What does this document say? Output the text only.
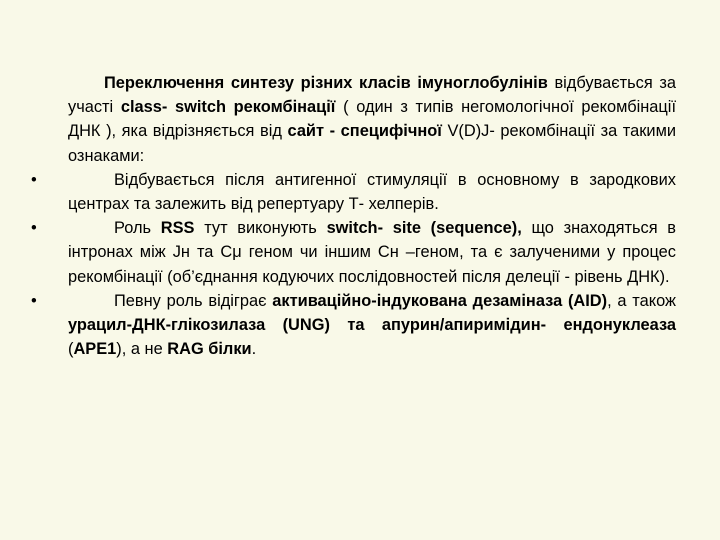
Переключення синтезу різних класів імуноглобулінів відбувається за участі class- switch рекомбінації ( один з типів негомологічної рекомбінації ДНК ), яка відрізняється від сайт - специфічної V(D)J- рекомбінації за такими ознаками:

•	Відбувається після антигенної стимуляції в основному в зародкових центрах та залежить від репертуару Т- хелперів.

•	Роль RSS тут виконують switch- site (sequence), що знаходяться в інтронах між Jн та Cμ геном чи іншим Cн –геном, та є залученими у процес рекомбінації (об’єднання кодуючих послідовностей після делеції - рівень ДНК).

•	Певну роль відіграє активаційно-індукована дезаміназа (AID), а також урацил-ДНК-глікозилаза (UNG) та апурин/апиримідин- ендонуклеаза (APE1), а не RAG білки.
